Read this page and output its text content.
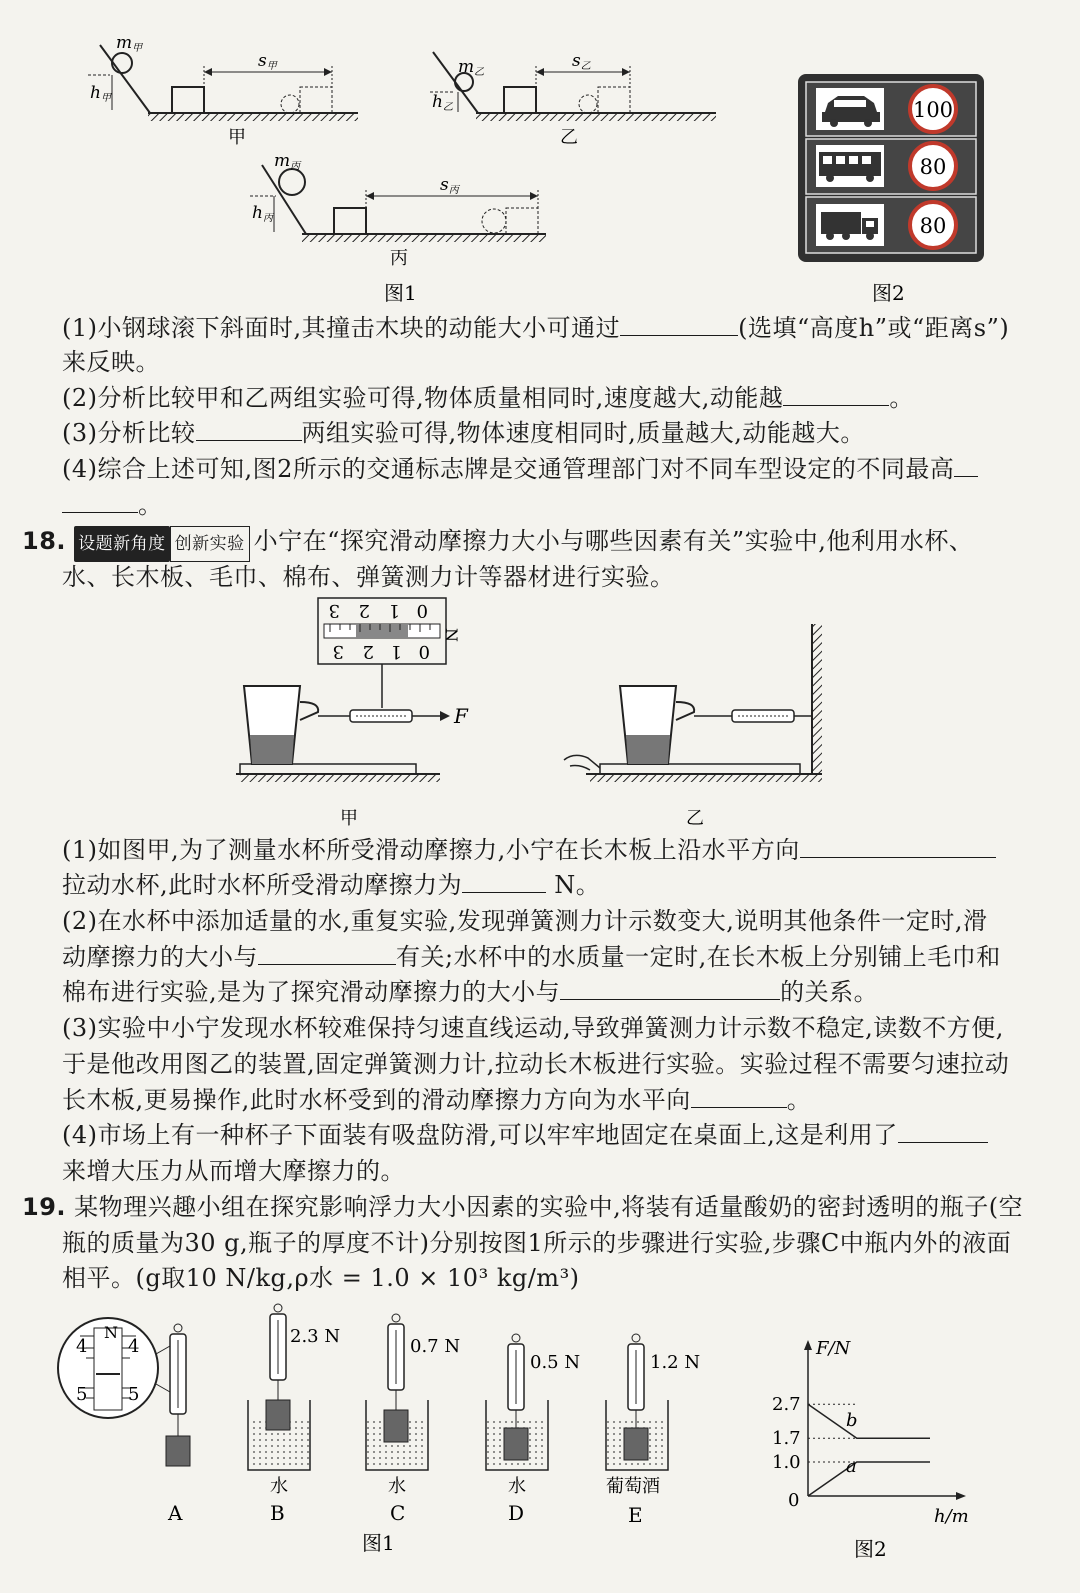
m甲
h甲
s甲
甲
m乙
h乙
s乙
乙
m丙
h丙
s丙
丙
图1
100
80
80
图2
(1)小钢球滚下斜面时,其撞击木块的动能大小可通过	(选填“高度h”或“距离s”)
来反映。
(2)分析比较甲和乙两组实验可得,物体质量相同时,速度越大,动能越	。
(3)分析比较	两组实验可得,物体速度相同时,质量越大,动能越大。
(4)综合上述可知,图2所示的交通标志牌是交通管理部门对不同车型设定的不同最高
。
18. 设题新角度 创新实验 小宁在“探究滑动摩擦力大小与哪些因素有关”实验中,他利用水杯、
水、长木板、毛巾、棉布、弹簧测力计等器材进行实验。
3 2 1 0
3 2 1 0
N
F
甲	乙
(1)如图甲,为了测量水杯所受滑动摩擦力,小宁在长木板上沿水平方向
拉动水杯,此时水杯所受滑动摩擦力为	N。
(2)在水杯中添加适量的水,重复实验,发现弹簧测力计示数变大,说明其他条件一定时,滑
动摩擦力的大小与	有关;水杯中的水质量一定时,在长木板上分别铺上毛巾和
棉布进行实验,是为了探究滑动摩擦力的大小与	的关系。
(3)实验中小宁发现水杯较难保持匀速直线运动,导致弹簧测力计示数不稳定,读数不方便,
于是他改用图乙的装置,固定弹簧测力计,拉动长木板进行实验。实验过程不需要匀速拉动
长木板,更易操作,此时水杯受到的滑动摩擦力方向为水平向	。
(4)市场上有一种杯子下面装有吸盘防滑,可以牢牢地固定在桌面上,这是利用了
来增大压力从而增大摩擦力的。
19. 某物理兴趣小组在探究影响浮力大小因素的实验中,将装有适量酸奶的密封透明的瓶子(空
瓶的质量为30 g,瓶子的厚度不计)分别按图1所示的步骤进行实验,步骤C中瓶内外的液面
相平。(g取10 N/kg,ρ水 = 1.0 × 10³ kg/m³)
N
4 4
5 5
A
2.3 N
水
B
0.7 N
水
C
0.5 N
水
D
1.2 N
葡萄酒
E
图1
F/N
h/m
0
2.7
1.7
1.0
b
a
图2
